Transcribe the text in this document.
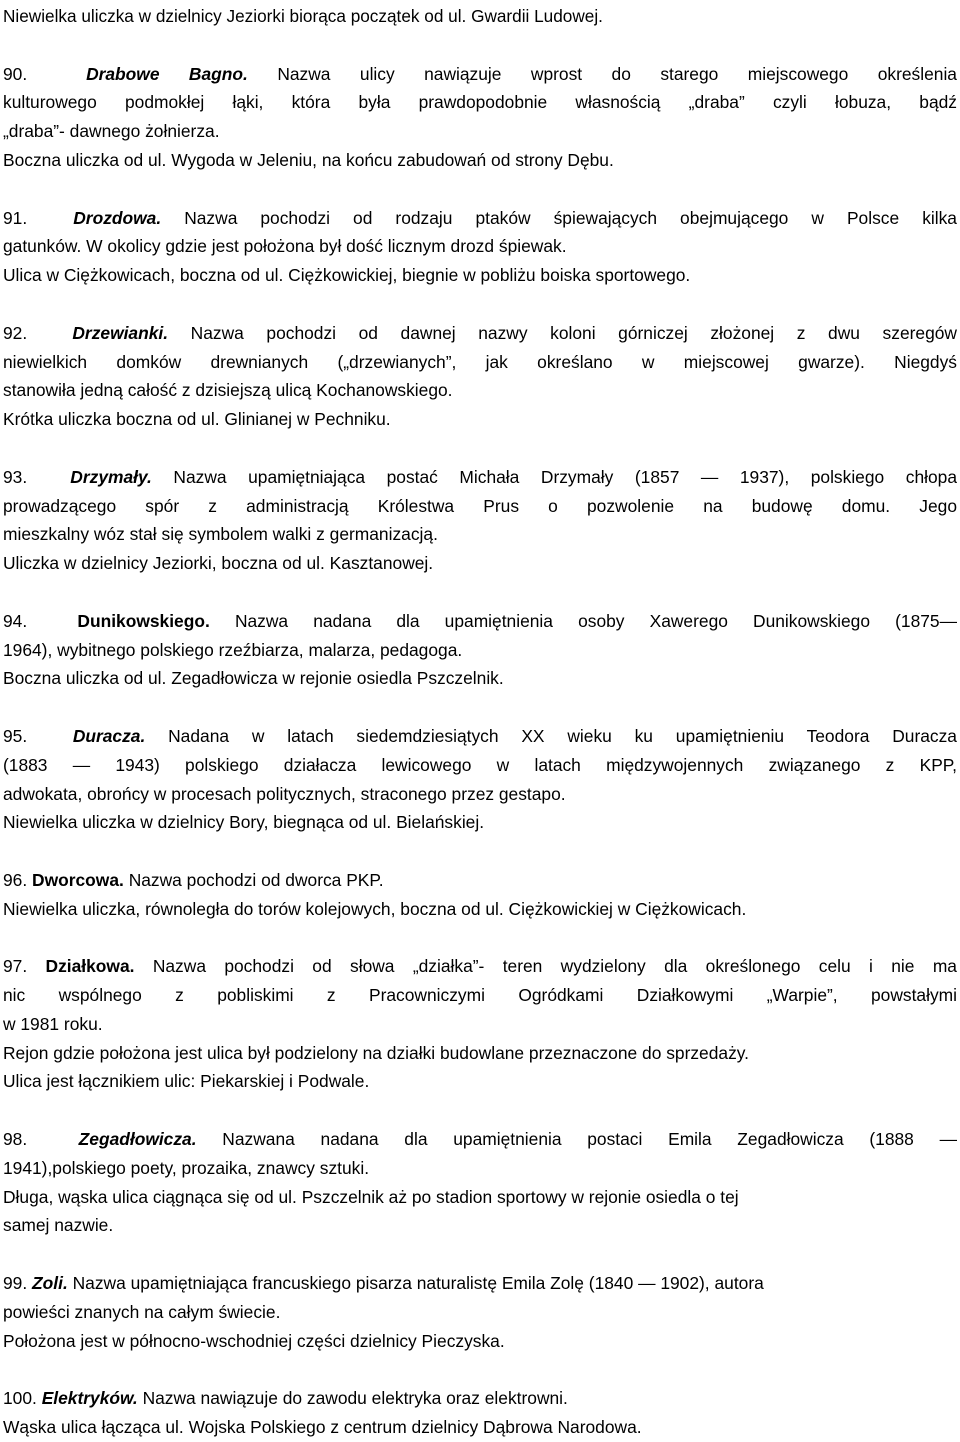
Niewielka uliczka w dzielnicy Jeziorki biorąca początek od ul. Gwardii Ludowej.

90.	Drabowe Bagno. Nazwa ulicy nawiązuje wprost do starego miejscowego określenia

kulturowego podmokłej łąki, która była prawdopodobnie własnością „draba” czyli łobuza, bądź

„draba”- dawnego żołnierza.

Boczna uliczka od ul. Wygoda w Jeleniu, na końcu zabudowań od strony Dębu.

91.	Drozdowa. Nazwa pochodzi od rodzaju ptaków śpiewających obejmującego w Polsce kilka

gatunków. W okolicy gdzie jest położona był dość licznym drozd śpiewak.

Ulica w Ciężkowicach, boczna od ul. Ciężkowickiej, biegnie w pobliżu boiska sportowego.

92.	Drzewianki. Nazwa pochodzi od dawnej nazwy koloni górniczej złożonej z dwu szeregów

niewielkich domków drewnianych („drzewianych”, jak określano w miejscowej gwarze). Niegdyś

stanowiła jedną całość z dzisiejszą ulicą Kochanowskiego.

Krótka uliczka boczna od ul. Glinianej w Pechniku.

93. Drzymały. Nazwa upamiętniająca postać Michała Drzymały (1857 — 1937), polskiego chłopa

prowadzącego spór z administracją Królestwa Prus o pozwolenie na budowę domu. Jego

mieszkalny wóz stał się symbolem walki z germanizacją.

Uliczka w dzielnicy Jeziorki, boczna od ul. Kasztanowej.

94.	Dunikowskiego. Nazwa nadana dla upamiętnienia osoby Xawerego Dunikowskiego (1875—

1964), wybitnego polskiego rzeźbiarza, malarza, pedagoga.

Boczna uliczka od ul. Zegadłowicza w rejonie osiedla Pszczelnik.

95.	Duracza. Nadana w latach siedemdziesiątych XX wieku ku upamiętnieniu Teodora Duracza

(1883 — 1943) polskiego działacza lewicowego w latach międzywojennych związanego z KPP,

adwokata, obrońcy w procesach politycznych, straconego przez gestapo.

Niewielka uliczka w dzielnicy Bory, biegnąca od ul. Bielańskiej.

96. Dworcowa. Nazwa pochodzi od dworca PKP.

Niewielka uliczka, równoległa do torów kolejowych, boczna od ul. Ciężkowickiej w Ciężkowicach.

97. Działkowa. Nazwa pochodzi od słowa „działka”- teren wydzielony dla określonego celu i nie ma

nic wspólnego z pobliskimi z Pracowniczymi Ogródkami Działkowymi „Warpie”, powstałymi

w 1981 roku.

Rejon gdzie położona jest ulica był podzielony na działki budowlane przeznaczone do sprzedaży.

Ulica jest łącznikiem ulic: Piekarskiej i Podwale.

98.	Zegadłowicza. Nazwana nadana dla upamiętnienia postaci Emila Zegadłowicza (1888 —

1941),polskiego poety, prozaika, znawcy sztuki.

Długa, wąska ulica ciągnąca się od ul. Pszczelnik aż po stadion sportowy w rejonie osiedla o tej

samej nazwie.

99. Zoli. Nazwa upamiętniająca francuskiego pisarza naturalistę Emila Zolę (1840 — 1902), autora

powieści znanych na całym świecie.

Położona jest w północno-wschodniej części dzielnicy Pieczyska.

100. Elektryków. Nazwa nawiązuje do zawodu elektryka oraz elektrowni.

Wąska ulica łącząca ul. Wojska Polskiego z centrum dzielnicy Dąbrowa Narodowa.
